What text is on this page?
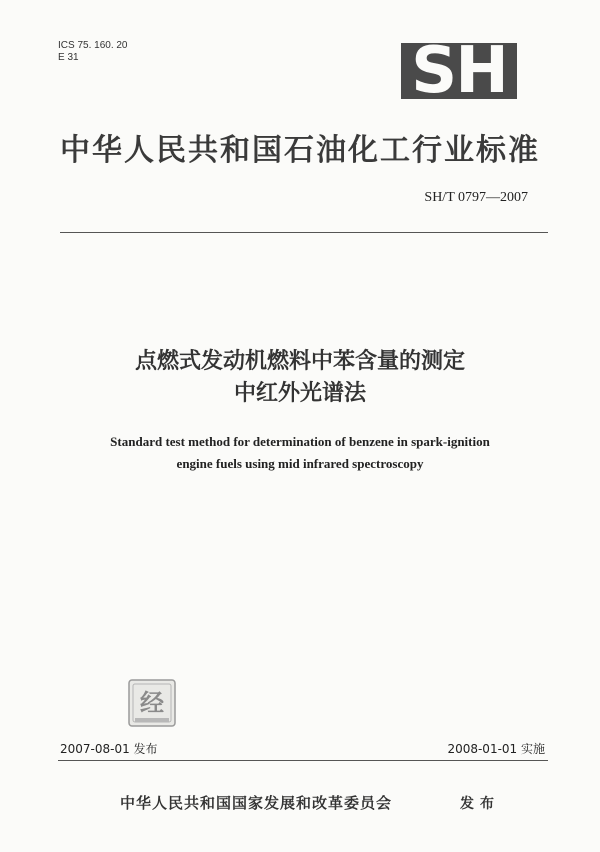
ICS 75. 160. 20
E 31	SH
中华人民共和国石油化工行业标准
SH/T 0797—2007
点燃式发动机燃料中苯含量的测定
中红外光谱法
Standard test method for determination of benzene in spark-ignition
engine fuels using mid infrared spectroscopy
经
2007-08-01 发布	2008-01-01 实施
中华人民共和国国家发展和改革委员会	发布
